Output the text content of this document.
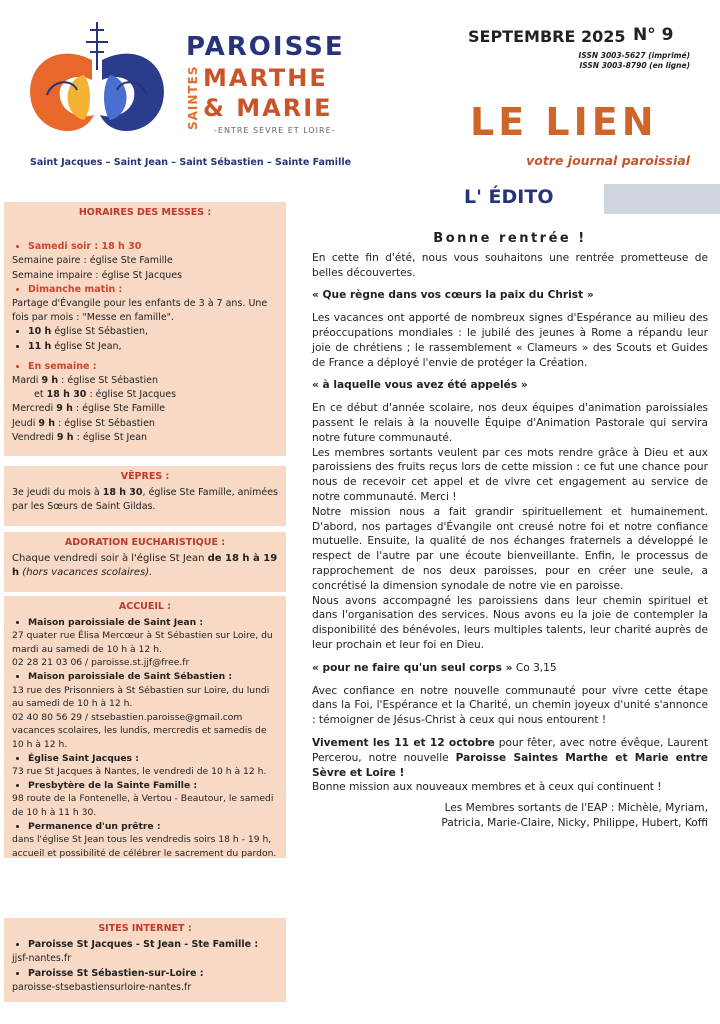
PAROISSE
SAINTES MARTHE
& MARIE
-ENTRE SÈVRE ET LOIRE-
Saint Jacques – Saint Jean – Saint Sébastien – Sainte Famille
SEPTEMBRE 2025 N° 9
ISSN 3003-5627 (imprimé)
ISSN 3003-8790 (en ligne)
LE LIEN
votre journal paroissial
L' ÉDITO
HORAIRES DES MESSES :
• Samedi soir : 18 h 30
Semaine paire : église Ste Famille
Semaine impaire : église St Jacques
• Dimanche matin :
Partage d'Évangile pour les enfants de 3 à 7 ans. Une fois par mois : "Messe en famille".
• 10 h église St Sébastien,
• 11 h église St Jean,
• En semaine :
Mardi 9 h : église St Sébastien
et 18 h 30 : église St Jacques
Mercredi 9 h : église Ste Famille
Jeudi 9 h : église St Sébastien
Vendredi 9 h : église St Jean
VÊPRES :
3e jeudi du mois à 18 h 30, église Ste Famille, animées par les Sœurs de Saint Gildas.
ADORATION EUCHARISTIQUE :
Chaque vendredi soir à l'église St Jean de 18 h à 19 h (hors vacances scolaires).
ACCUEIL :
• Maison paroissiale de Saint Jean :
27 quater rue Élisa Mercœur à St Sébastien sur Loire, du mardi au samedi de 10 h à 12 h.
02 28 21 03 06 / paroisse.st.jjf@free.fr
• Maison paroissiale de Saint Sébastien :
13 rue des Prisonniers à St Sébastien sur Loire, du lundi au samedi de 10 h à 12 h.
02 40 80 56 29 / stsebastien.paroisse@gmail.com
vacances scolaires, les lundis, mercredis et samedis de 10 h à 12 h.
• Église Saint Jacques :
73 rue St Jacques à Nantes, le vendredi de 10 h à 12 h.
• Presbytère de la Sainte Famille :
98 route de la Fontenelle, à Vertou - Beautour, le samedi de 10 h à 11 h 30.
• Permanence d'un prêtre :
dans l'église St Jean tous les vendredis soirs 18 h - 19 h, accueil et possibilité de célébrer le sacrement du pardon.
SITES INTERNET :
• Paroisse St Jacques - St Jean - Ste Famille :
jjsf-nantes.fr
• Paroisse St Sébastien-sur-Loire :
paroisse-stsebastiensurloire-nantes.fr

Bonne rentrée !

En cette fin d'été, nous vous souhaitons une rentrée prometteuse de belles découvertes.

« Que règne dans vos cœurs la paix du Christ »

Les vacances ont apporté de nombreux signes d'Espérance au milieu des préoccupations mondiales : le jubilé des jeunes à Rome a répandu leur joie de chrétiens ; le rassemblement « Clameurs » des Scouts et Guides de France a déployé l'envie de protéger la Création.

« à laquelle vous avez été appelés »

En ce début d'année scolaire, nos deux équipes d'animation paroissiales passent le relais à la nouvelle Équipe d'Animation Pastorale qui servira notre future communauté.

Les membres sortants veulent par ces mots rendre grâce à Dieu et aux paroissiens des fruits reçus lors de cette mission : ce fut une chance pour nous de recevoir cet appel et de vivre cet engagement au service de notre communauté. Merci !

Notre mission nous a fait grandir spirituellement et humainement. D'abord, nos partages d'Évangile ont creusé notre foi et notre confiance mutuelle. Ensuite, la qualité de nos échanges fraternels a développé le respect de l'autre par une écoute bienveillante. Enfin, le processus de rapprochement de nos deux paroisses, pour en créer une seule, a concrétisé la dimension synodale de notre vie en paroisse.

Nous avons accompagné les paroissiens dans leur chemin spirituel et dans l'organisation des services. Nous avons eu la joie de contempler la disponibilité des bénévoles, leurs multiples talents, leur charité auprès de leur prochain et leur foi en Dieu.

« pour ne faire qu'un seul corps » Co 3,15

Avec confiance en notre nouvelle communauté pour vivre cette étape dans la Foi, l'Espérance et la Charité, un chemin joyeux d'unité s'annonce : témoigner de Jésus-Christ à ceux qui nous entourent !

Vivement les 11 et 12 octobre pour fêter, avec notre évêque, Laurent Percerou, notre nouvelle Paroisse Saintes Marthe et Marie entre Sèvre et Loire !

Bonne mission aux nouveaux membres et à ceux qui continuent !

Les Membres sortants de l'EAP : Michèle, Myriam,

Patricia, Marie-Claire, Nicky, Philippe, Hubert, Koffi
